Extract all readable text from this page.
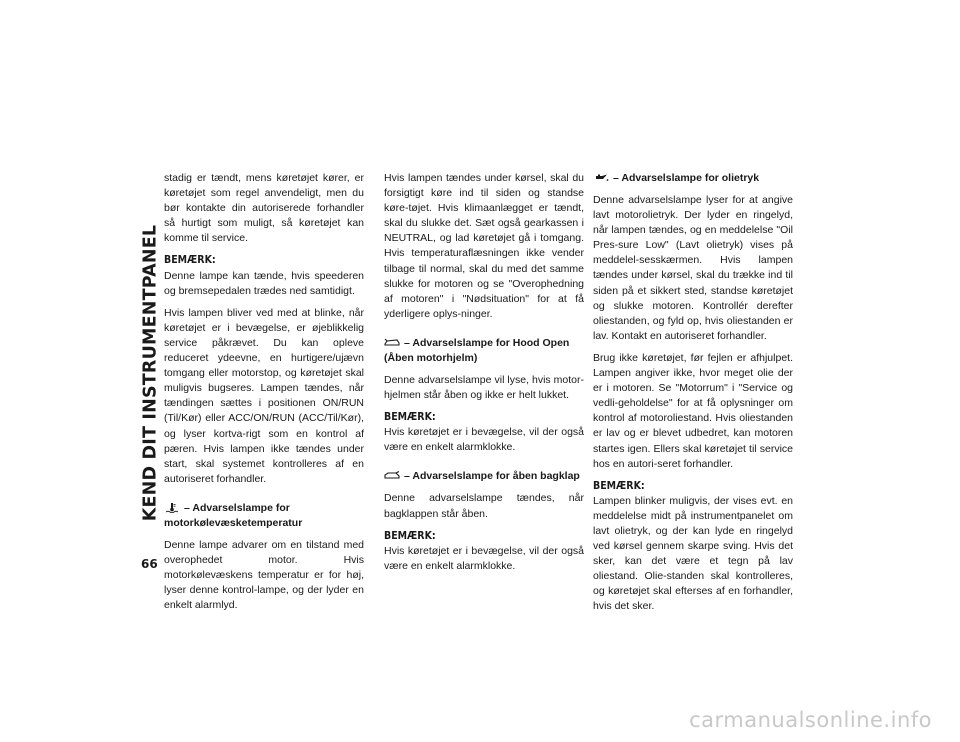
KEND DIT INSTRUMENTPANEL
66

stadig er tændt, mens køretøjet kører, er køretøjet som regel anvendeligt, men du bør kontakte din autoriserede forhandler så hurtigt som muligt, så køretøjet kan komme til service.

BEMÆRK:

Denne lampe kan tænde, hvis speederen og bremsepedalen trædes ned samtidigt.

Hvis lampen bliver ved med at blinke, når køretøjet er i bevægelse, er øjeblikkelig service påkrævet. Du kan opleve reduceret ydeevne, en hurtigere/ujævn tomgang eller motorstop, og køretøjet skal muligvis bugseres. Lampen tændes, når tændingen sættes i positionen ON/RUN (Til/Kør) eller ACC/ON/RUN (ACC/Til/Kør), og lyser kortva-rigt som en kontrol af pæren. Hvis lampen ikke tændes under start, skal systemet kontrolleres af en autoriseret forhandler.

– Advarselslampe for motorkølevæsketemperatur

Denne lampe advarer om en tilstand med overophedet motor. Hvis motorkølevæskens temperatur er for høj, lyser denne kontrol-lampe, og der lyder en enkelt alarmlyd.

Hvis lampen tændes under kørsel, skal du forsigtigt køre ind til siden og standse køre-tøjet. Hvis klimaanlægget er tændt, skal du slukke det. Sæt også gearkassen i NEUTRAL, og lad køretøjet gå i tomgang. Hvis temperaturaflæsningen ikke vender tilbage til normal, skal du med det samme slukke for motoren og se "Overophedning af motoren" i "Nødsituation" for at få yderligere oplys-ninger.

– Advarselslampe for Hood Open (Åben motorhjelm)

Denne advarselslampe vil lyse, hvis motor-hjelmen står åben og ikke er helt lukket.

BEMÆRK:

Hvis køretøjet er i bevægelse, vil der også være en enkelt alarmklokke.

– Advarselslampe for åben bagklap

Denne advarselslampe tændes, når bagklappen står åben.

BEMÆRK:

Hvis køretøjet er i bevægelse, vil der også være en enkelt alarmklokke.

– Advarselslampe for olietryk

Denne advarselslampe lyser for at angive lavt motorolietryk. Der lyder en ringelyd, når lampen tændes, og en meddelelse "Oil Pres-sure Low" (Lavt olietryk) vises på meddelel-sesskærmen. Hvis lampen tændes under kørsel, skal du trække ind til siden på et sikkert sted, standse køretøjet og slukke motoren. Kontrollér derefter oliestanden, og fyld op, hvis oliestanden er lav. Kontakt en autoriseret forhandler.

Brug ikke køretøjet, før fejlen er afhjulpet. Lampen angiver ikke, hvor meget olie der er i motoren. Se "Motorrum" i "Service og vedli-geholdelse" for at få oplysninger om kontrol af motoroliestand. Hvis oliestanden er lav og er blevet udbedret, kan motoren startes igen. Ellers skal køretøjet til service hos en autori-seret forhandler.

BEMÆRK:

Lampen blinker muligvis, der vises evt. en meddelelse midt på instrumentpanelet om lavt olietryk, og der kan lyde en ringelyd ved kørsel gennem skarpe sving. Hvis det sker, kan det være et tegn på lav oliestand. Olie-standen skal kontrolleres, og køretøjet skal efterses af en forhandler, hvis det sker.

carmanualsonline.info
